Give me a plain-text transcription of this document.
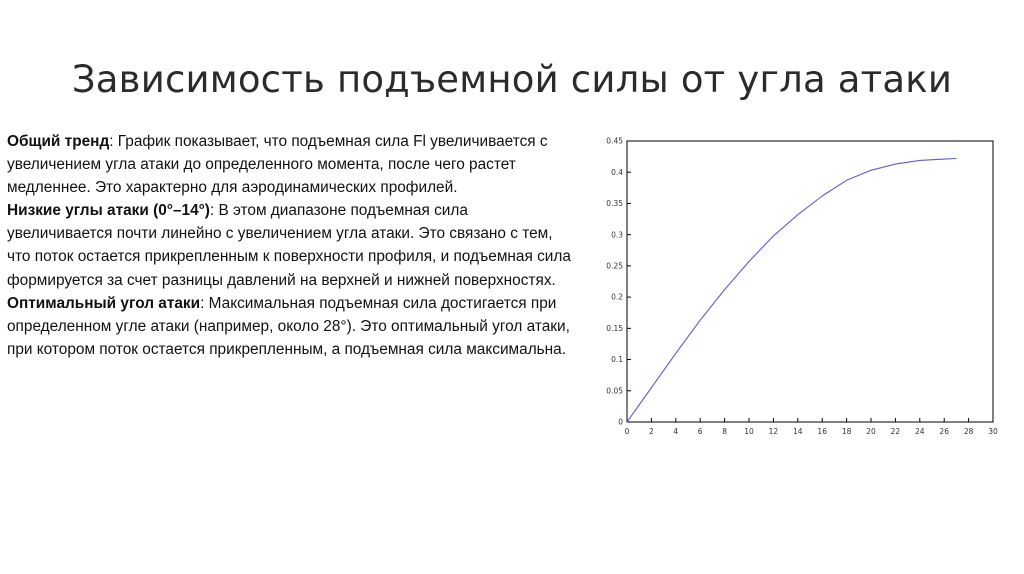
Зависимость подъемной силы от угла атаки

Общий тренд: График показывает, что подъемная сила Fl увеличивается с увеличением угла атаки до определенного момента, после чего растет медленнее. Это характерно для аэродинамических профилей.

Низкие углы атаки (0°–14°): В этом диапазоне подъемная сила увеличивается почти линейно с увеличением угла атаки. Это связано с тем, что поток остается прикрепленным к поверхности профиля, и подъемная сила формируется за счет разницы давлений на верхней и нижней поверхностях.

Оптимальный угол атаки: Максимальная подъемная сила достигается при определенном угле атаки (например, около 28°). Это оптимальный угол атаки, при котором поток остается прикрепленным, а подъемная сила максимальна.

0
0.05
0.1
0.15
0.2
0.25
0.3
0.35
0.4
0.45
0	2	4	6	8 10 12 14 16 18 20 22 24 26 28 30
